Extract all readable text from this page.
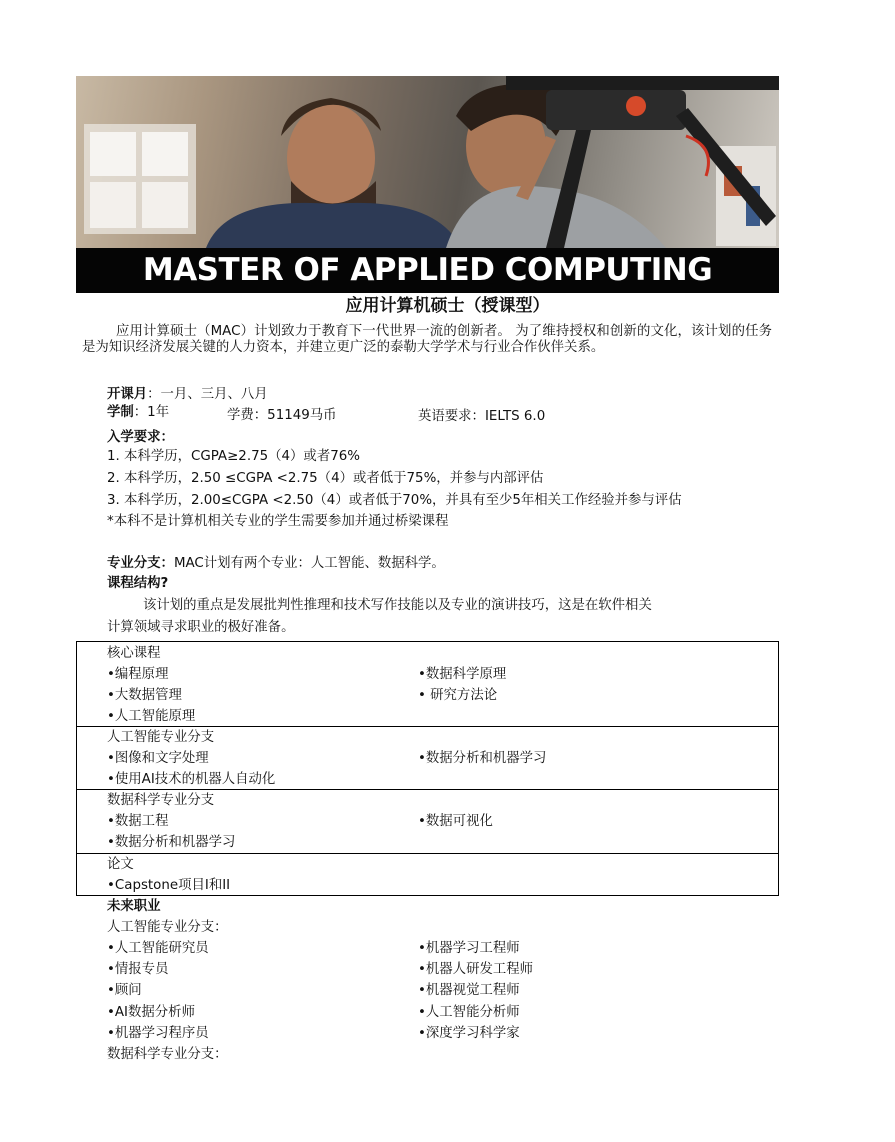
MASTER OF APPLIED COMPUTING
应用计算机硕士（授课型）
应用计算硕士（MAC）计划致力于教育下一代世界一流的创新者。 为了维持授权和创新的文化，该计划的任务是为知识经济发展关键的人力资本，并建立更广泛的泰勒大学学术与行业合作伙伴关系。
开课月：一月、三月、八月
学制：1年	学费：51149马币	英语要求：IELTS 6.0
入学要求：
1. 本科学历，CGPA≥2.75（4）或者76%
2. 本科学历，2.50 ≤CGPA <2.75（4）或者低于75%，并参与内部评估
3. 本科学历，2.00≤CGPA <2.50（4）或者低于70%，并具有至少5年相关工作经验并参与评估
*本科不是计算机相关专业的学生需要参加并通过桥梁课程
专业分支：MAC计划有两个专业：人工智能、数据科学。
课程结构?
该计划的重点是发展批判性推理和技术写作技能以及专业的演讲技巧，这是在软件相关
计算领域寻求职业的极好准备。
核心课程
•编程原理
•大数据管理
•人工智能原理
•数据科学原理
• 研究方法论
人工智能专业分支
•图像和文字处理
•使用AI技术的机器人自动化
•数据分析和机器学习
数据科学专业分支
•数据工程
•数据分析和机器学习
•数据可视化
论文
•Capstone项目I和II
未来职业
人工智能专业分支：
•人工智能研究员
•情报专员
•顾问
•AI数据分析师
•机器学习程序员
•机器学习工程师
•机器人研发工程师
•机器视觉工程师
•人工智能分析师
•深度学习科学家
数据科学专业分支：
